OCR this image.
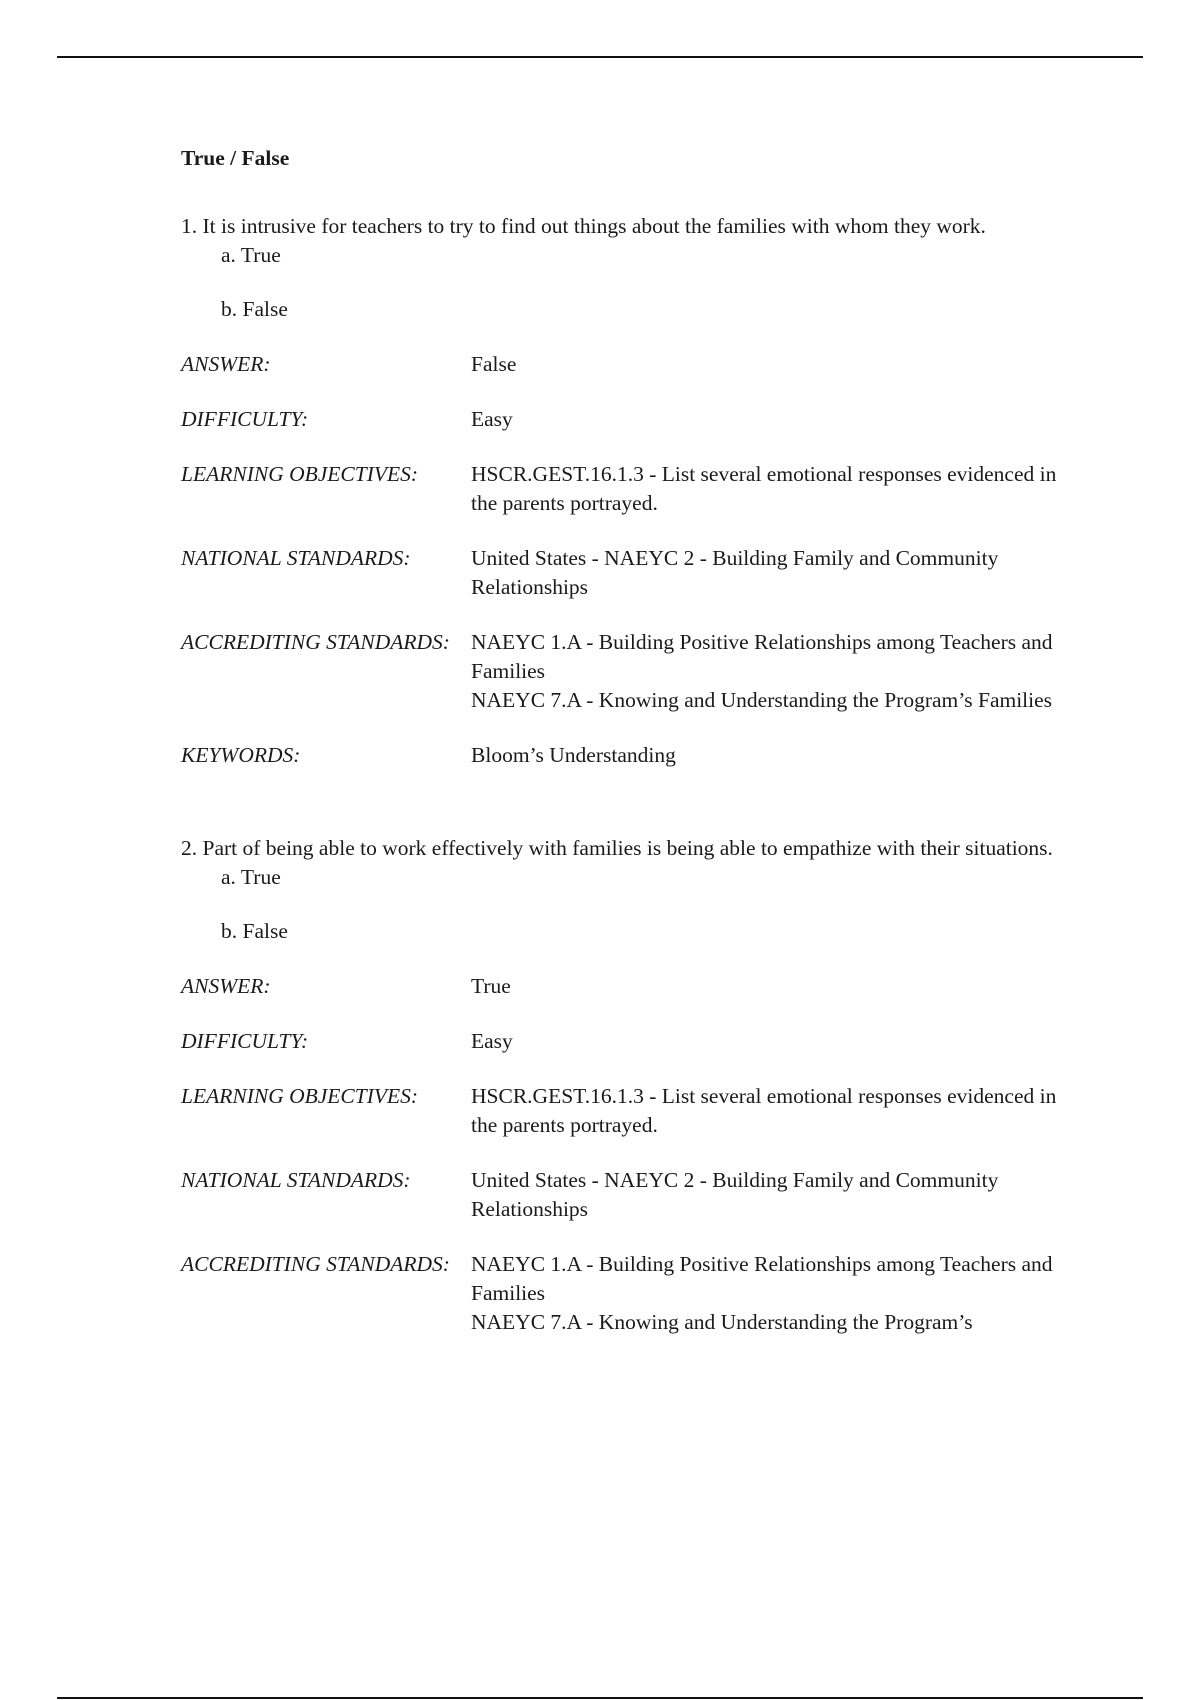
True / False

1. It is intrusive for teachers to try to find out things about the families with whom they work.

a. True

b. False

ANSWER:	False
DIFFICULTY:	Easy
LEARNING OBJECTIVES:	HSCR.GEST.16.1.3 - List several emotional responses evidenced in the parents portrayed.
NATIONAL STANDARDS:	United States - NAEYC 2 - Building Family and Community Relationships
ACCREDITING STANDARDS:	NAEYC 1.A - Building Positive Relationships among Teachers and Families
NAEYC 7.A - Knowing and Understanding the Program’s Families

KEYWORDS:	Bloom’s Understanding

2. Part of being able to work effectively with families is being able to empathize with their situations.

a. True

b. False

ANSWER:	True
DIFFICULTY:	Easy
LEARNING OBJECTIVES:	HSCR.GEST.16.1.3 - List several emotional responses evidenced in the parents portrayed.
NATIONAL STANDARDS:	United States - NAEYC 2 - Building Family and Community Relationships
ACCREDITING STANDARDS:	NAEYC 1.A - Building Positive Relationships among Teachers and Families
NAEYC 7.A - Knowing and Understanding the Program’s
